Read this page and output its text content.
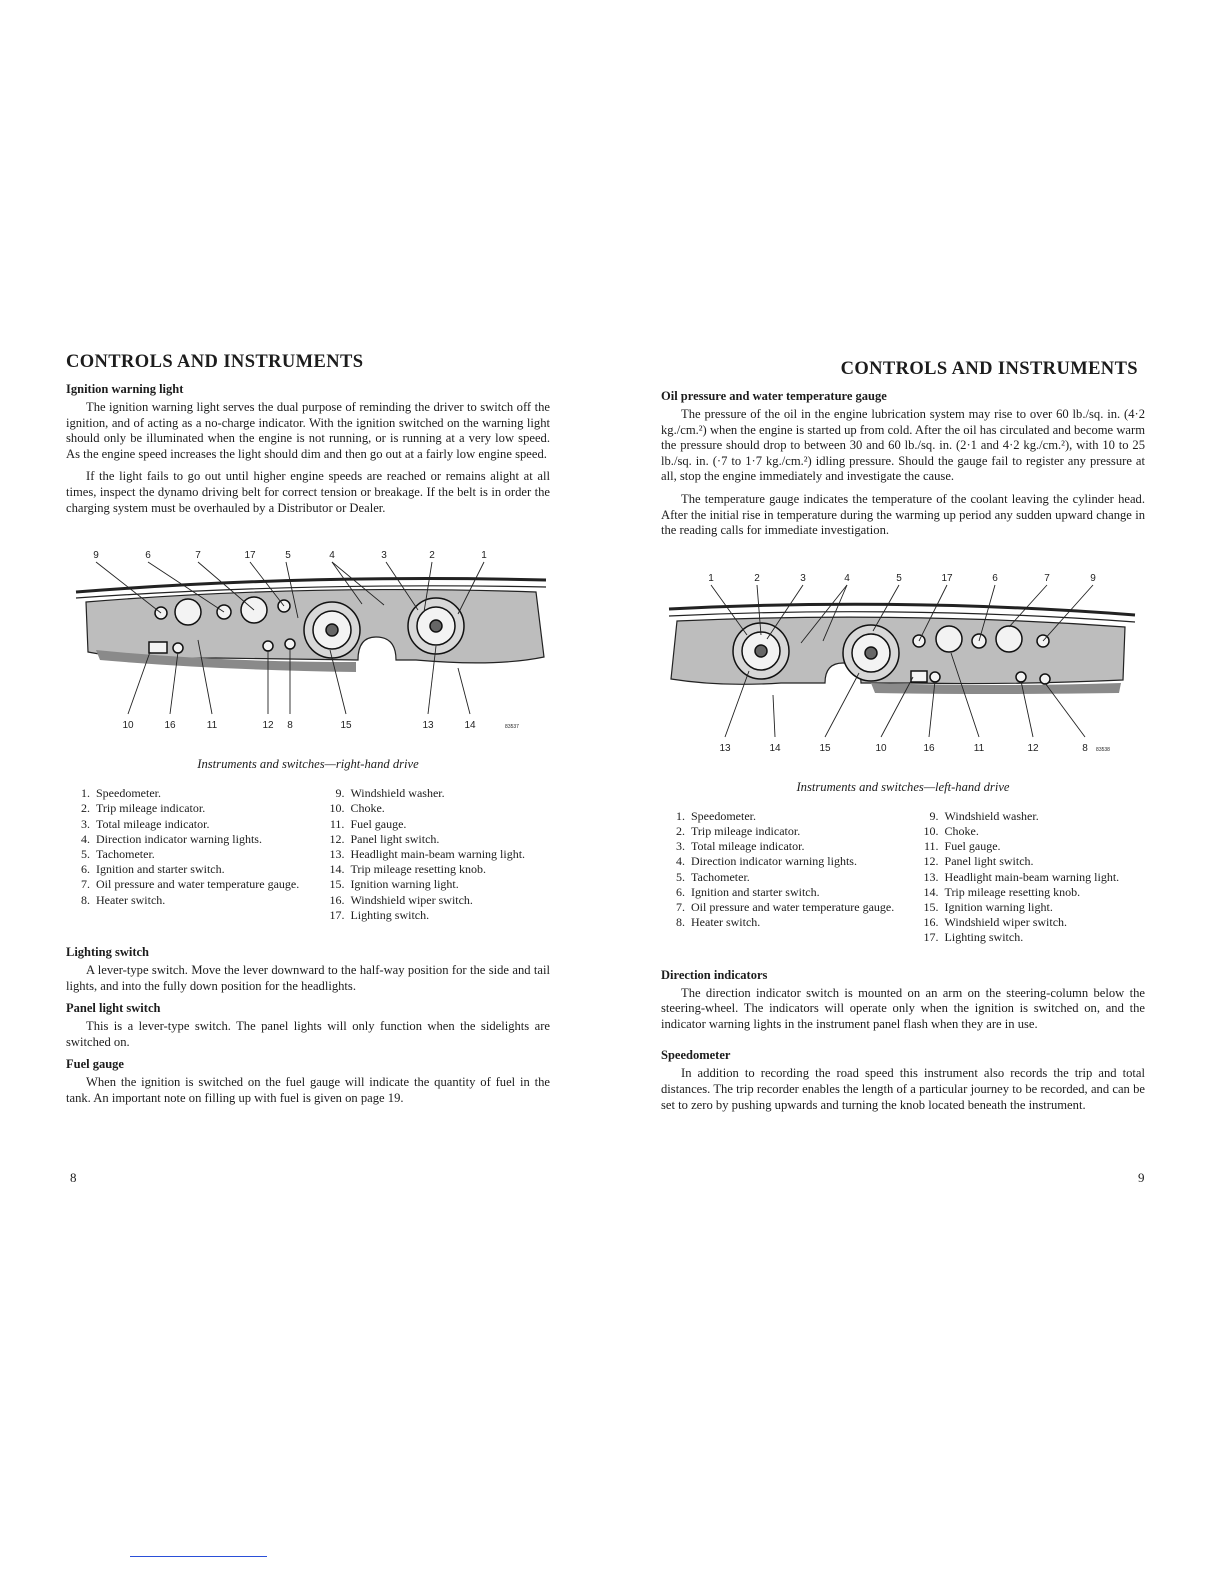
CONTROLS AND INSTRUMENTS
Ignition warning light

The ignition warning light serves the dual purpose of reminding the driver to switch off the ignition, and of acting as a no-charge indicator. With the ignition switched on the warning light should only be illuminated when the engine is not running, or is running at a very low speed. As the engine speed increases the light should dim and then go out at a fairly low engine speed.

If the light fails to go out until higher engine speeds are reached or remains alight at all times, inspect the dynamo driving belt for correct tension or breakage. If the belt is in order the charging system must be overhauled by a Distributor or Dealer.

9	6	7	17	5	4	3	2	1
10	16	11	12 8	15	13	14	83537
Instruments and switches—right-hand drive
1. Speedometer.
2. Trip mileage indicator.
3. Total mileage indicator.
4. Direction indicator warning lights.
5. Tachometer.
6. Ignition and starter switch.
7. Oil pressure and water temperature gauge.
8. Heater switch.
9. Windshield washer.
10. Choke.
11. Fuel gauge.
12. Panel light switch.
13. Headlight main-beam warning light.
14. Trip mileage resetting knob.
15. Ignition warning light.
16. Windshield wiper switch.
17. Lighting switch.
Lighting switch

A lever-type switch. Move the lever downward to the half-way position for the side and tail lights, and into the fully down position for the headlights.

Panel light switch

This is a lever-type switch. The panel lights will only function when the sidelights are switched on.

Fuel gauge

When the ignition is switched on the fuel gauge will indicate the quantity of fuel in the tank. An important note on filling up with fuel is given on page 19.

8
CONTROLS AND INSTRUMENTS
Oil pressure and water temperature gauge

The pressure of the oil in the engine lubrication system may rise to over 60 lb./sq. in. (4·2 kg./cm.²) when the engine is started up from cold. After the oil has circulated and become warm the pressure should drop to between 30 and 60 lb./sq. in. (2·1 and 4·2 kg./cm.²), with 10 to 25 lb./sq. in. (·7 to 1·7 kg./cm.²) idling pressure. Should the gauge fail to register any pressure at all, stop the engine immediately and investigate the cause.

The temperature gauge indicates the temperature of the coolant leaving the cylinder head. After the initial rise in temperature during the warming up period any sudden upward change in the reading calls for immediate investigation.

1	2	3	4	5	17	6	7	9
13	14	15	10	16	11	12	8 83538
Instruments and switches—left-hand drive
1. Speedometer.
2. Trip mileage indicator.
3. Total mileage indicator.
4. Direction indicator warning lights.
5. Tachometer.
6. Ignition and starter switch.
7. Oil pressure and water temperature gauge.
8. Heater switch.
9. Windshield washer.
10. Choke.
11. Fuel gauge.
12. Panel light switch.
13. Headlight main-beam warning light.
14. Trip mileage resetting knob.
15. Ignition warning light.
16. Windshield wiper switch.
17. Lighting switch.
Direction indicators

The direction indicator switch is mounted on an arm on the steering-column below the steering-wheel. The indicators will operate only when the ignition is switched on, and the indicator warning lights in the instrument panel flash when they are in use.

Speedometer

In addition to recording the road speed this instrument also records the trip and total distances. The trip recorder enables the length of a particular journey to be recorded, and can be set to zero by pushing upwards and turning the knob located beneath the instrument.

9
